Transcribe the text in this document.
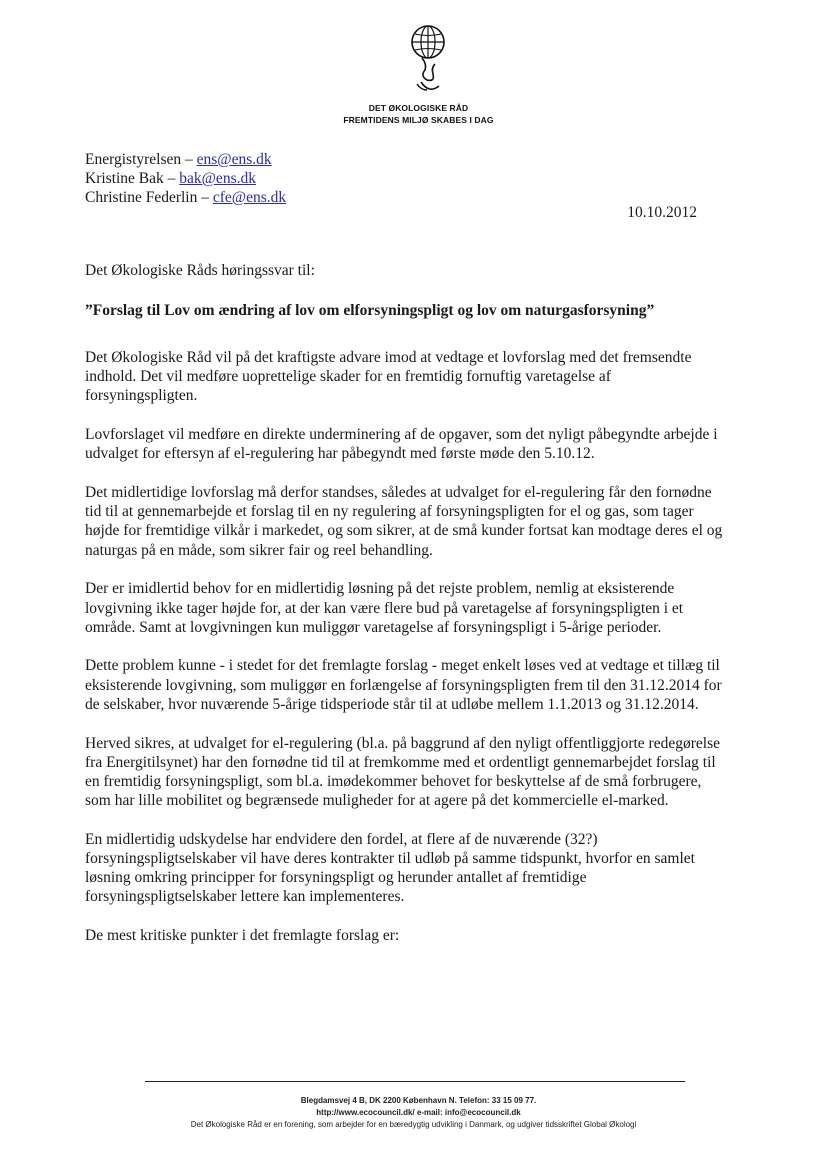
DET ØKOLOGISKE RÅD
FREMTIDENS MILJØ SKABES I DAG
Energistyrelsen – ens@ens.dk
Kristine Bak – bak@ens.dk
Christine Federlin – cfe@ens.dk
10.10.2012
Det Økologiske Råds høringssvar til:
”Forslag til Lov om ændring af lov om elforsyningspligt og lov om naturgasforsyning”

Det Økologiske Råd vil på det kraftigste advare imod at vedtage et lovforslag med det fremsendte indhold. Det vil medføre uoprettelige skader for en fremtidig fornuftig varetagelse af forsyningspligten.

Lovforslaget vil medføre en direkte underminering af de opgaver, som det nyligt påbegyndte arbejde i udvalget for eftersyn af el-regulering har påbegyndt med første møde den 5.10.12.

Det midlertidige lovforslag må derfor standses, således at udvalget for el-regulering får den fornødne tid til at gennemarbejde et forslag til en ny regulering af forsyningspligten for el og gas, som tager højde for fremtidige vilkår i markedet, og som sikrer, at de små kunder fortsat kan modtage deres el og naturgas på en måde, som sikrer fair og reel behandling.

Der er imidlertid behov for en midlertidig løsning på det rejste problem, nemlig at eksisterende lovgivning ikke tager højde for, at der kan være flere bud på varetagelse af forsyningspligten i et område. Samt at lovgivningen kun muliggør varetagelse af forsyningspligt i 5-årige perioder.

Dette problem kunne - i stedet for det fremlagte forslag - meget enkelt løses ved at vedtage et tillæg til eksisterende lovgivning, som muliggør en forlængelse af forsyningspligten frem til den 31.12.2014 for de selskaber, hvor nuværende 5-årige tidsperiode står til at udløbe mellem 1.1.2013 og 31.12.2014.

Herved sikres, at udvalget for el-regulering (bl.a. på baggrund af den nyligt offentliggjorte redegørelse fra Energitilsynet) har den fornødne tid til at fremkomme med et ordentligt gennemarbejdet forslag til en fremtidig forsyningspligt, som bl.a. imødekommer behovet for beskyttelse af de små forbrugere, som har lille mobilitet og begrænsede muligheder for at agere på det kommercielle el-marked.

En midlertidig udskydelse har endvidere den fordel, at flere af de nuværende (32?) forsyningspligtselskaber vil have deres kontrakter til udløb på samme tidspunkt, hvorfor en samlet løsning omkring principper for forsyningspligt og herunder antallet af fremtidige forsyningspligtselskaber lettere kan implementeres.

De mest kritiske punkter i det fremlagte forslag er:

Blegdamsvej 4 B, DK 2200 København N. Telefon: 33 15 09 77.
http://www.ecocouncil.dk/ e-mail: info@ecocouncil.dk
Det Økologiske Råd er en forening, som arbejder for en bæredygtig udvikling i Danmark, og udgiver tidsskriftet Global Økologi
